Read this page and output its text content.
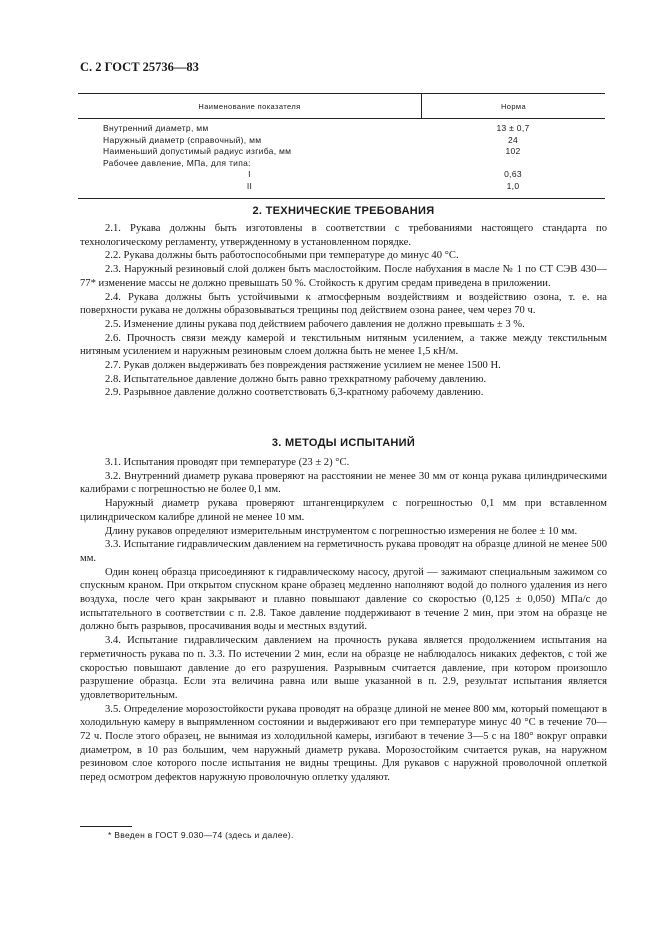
С. 2 ГОСТ 25736—83
Наименование показателя	Норма
Внутренний диаметр, мм	13 ± 0,7
Наружный диаметр (справочный), мм	24
Наименьший допустимый радиус изгиба, мм	102
Рабочее давление, МПа, для типа:
I	0,63
II	1,0
2. ТЕХНИЧЕСКИЕ ТРЕБОВАНИЯ

2.1. Рукава должны быть изготовлены в соответствии с требованиями настоящего стандарта по технологическому регламенту, утвержденному в установленном порядке.

2.2. Рукава должны быть работоспособными при температуре до минус 40 °С.

2.3. Наружный резиновый слой должен быть маслостойким. После набухания в масле № 1 по СТ СЭВ 430—77* изменение массы не должно превышать 50 %. Стойкость к другим средам приведена в приложении.

2.4. Рукава должны быть устойчивыми к атмосферным воздействиям и воздействию озона, т. е. на поверхности рукава не должны образовываться трещины под действием озона ранее, чем через 70 ч.

2.5. Изменение длины рукава под действием рабочего давления не должно превышать ± 3 %.

2.6. Прочность связи между камерой и текстильным нитяным усилением, а также между текстильным нитяным усилением и наружным резиновым слоем должна быть не менее 1,5 кН/м.

2.7. Рукав должен выдерживать без повреждения растяжение усилием не менее 1500 Н.

2.8. Испытательное давление должно быть равно трехкратному рабочему давлению.

2.9. Разрывное давление должно соответствовать 6,3-кратному рабочему давлению.

3. МЕТОДЫ ИСПЫТАНИЙ

3.1. Испытания проводят при температуре (23 ± 2) °С.

3.2. Внутренний диаметр рукава проверяют на расстоянии не менее 30 мм от конца рукава цилиндрическими калибрами с погрешностью не более 0,1 мм.

Наружный диаметр рукава проверяют штангенциркулем с погрешностью 0,1 мм при вставленном цилиндрическом калибре длиной не менее 10 мм.

Длину рукавов определяют измерительным инструментом с погрешностью измерения не более ± 10 мм.

3.3. Испытание гидравлическим давлением на герметичность рукава проводят на образце длиной не менее 500 мм.

Один конец образца присоединяют к гидравлическому насосу, другой — зажимают специальным зажимом со спускным краном. При открытом спускном кране образец медленно наполняют водой до полного удаления из него воздуха, после чего кран закрывают и плавно повышают давление со скоростью (0,125 ± 0,050) МПа/с до испытательного в соответствии с п. 2.8. Такое давление поддерживают в течение 2 мин, при этом на образце не должно быть разрывов, просачивания воды и местных вздутий.

3.4. Испытание гидравлическим давлением на прочность рукава является продолжением испытания на герметичность рукава по п. 3.3. По истечении 2 мин, если на образце не наблюдалось никаких дефектов, с той же скоростью повышают давление до его разрушения. Разрывным считается давление, при котором произошло разрушение образца. Если эта величина равна или выше указанной в п. 2.9, результат испытания является удовлетворительным.

3.5. Определение морозостойкости рукава проводят на образце длиной не менее 800 мм, который помещают в холодильную камеру в выпрямленном состоянии и выдерживают его при температуре минус 40 °С в течение 70—72 ч. После этого образец, не вынимая из холодильной камеры, изгибают в течение 3—5 с на 180° вокруг оправки диаметром, в 10 раз большим, чем наружный диаметр рукава. Морозостойким считается рукав, на наружном резиновом слое которого после испытания не видны трещины. Для рукавов с наружной проволочной оплеткой перед осмотром дефектов наружную проволочную оплетку удаляют.

* Введен в ГОСТ 9.030—74 (здесь и далее).
